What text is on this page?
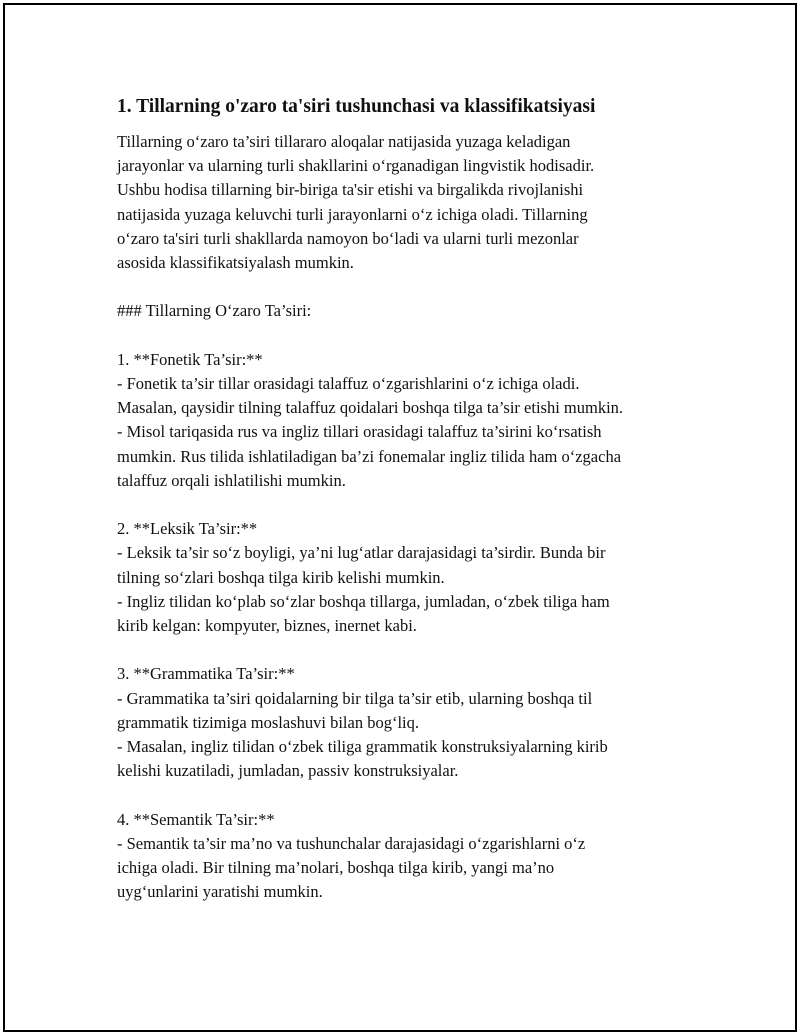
1. Tillarning o'zaro ta'siri tushunchasi va klassifikatsiyasi

Tillarning o‘zaro ta’siri tillararo aloqalar natijasida yuzaga keladigan
jarayonlar va ularning turli shakllarini o‘rganadigan lingvistik hodisadir.
Ushbu hodisa tillarning bir-biriga ta'sir etishi va birgalikda rivojlanishi
natijasida yuzaga keluvchi turli jarayonlarni o‘z ichiga oladi. Tillarning
o‘zaro ta'siri turli shakllarda namoyon bo‘ladi va ularni turli mezonlar
asosida klassifikatsiyalash mumkin.

### Tillarning O‘zaro Ta’siri:

1. **Fonetik Ta’sir:**

- Fonetik ta’sir tillar orasidagi talaffuz o‘zgarishlarini o‘z ichiga oladi.
Masalan, qaysidir tilning talaffuz qoidalari boshqa tilga ta’sir etishi mumkin.
- Misol tariqasida rus va ingliz tillari orasidagi talaffuz ta’sirini ko‘rsatish
mumkin. Rus tilida ishlatiladigan ba’zi fonemalar ingliz tilida ham o‘zgacha
talaffuz orqali ishlatilishi mumkin.

2. **Leksik Ta’sir:**

- Leksik ta’sir so‘z boyligi, ya’ni lug‘atlar darajasidagi ta’sirdir. Bunda bir
tilning so‘zlari boshqa tilga kirib kelishi mumkin.
- Ingliz tilidan ko‘plab so‘zlar boshqa tillarga, jumladan, o‘zbek tiliga ham
kirib kelgan: kompyuter, biznes, inernet kabi.

3. **Grammatika Ta’sir:**

- Grammatika ta’siri qoidalarning bir tilga ta’sir etib, ularning boshqa til
grammatik tizimiga moslashuvi bilan bog‘liq.
- Masalan, ingliz tilidan o‘zbek tiliga grammatik konstruksiyalarning kirib
kelishi kuzatiladi, jumladan, passiv konstruksiyalar.

4. **Semantik Ta’sir:**

- Semantik ta’sir ma’no va tushunchalar darajasidagi o‘zgarishlarni o‘z
ichiga oladi. Bir tilning ma’nolari, boshqa tilga kirib, yangi ma’no
uyg‘unlarini yaratishi mumkin.
